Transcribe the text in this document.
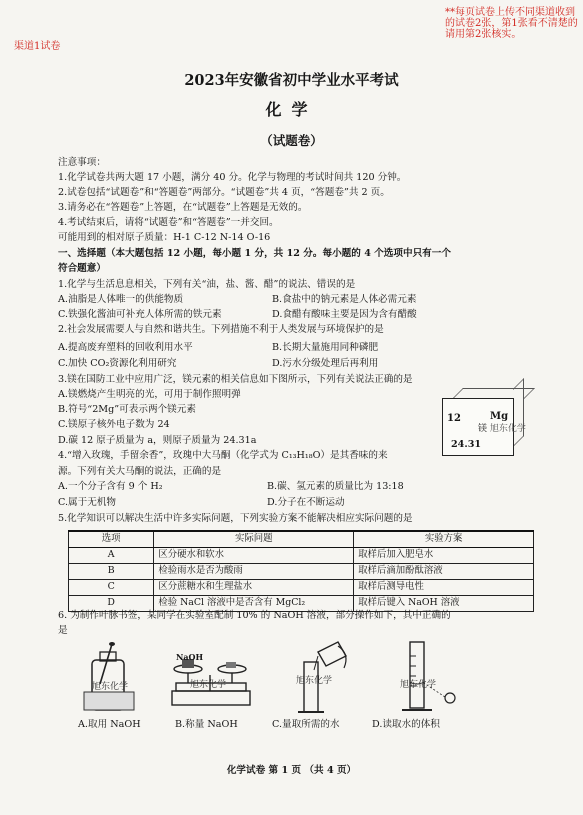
渠道1试卷
**每页试卷上传不同渠道收到的试卷2张，第1张看不清楚的请用第2张核实。
2023年安徽省初中学业水平考试
化学
（试题卷）
注意事项：
1.化学试卷共两大题 17 小题，满分 40 分。化学与物理的考试时间共 120 分钟。
2.试卷包括“试题卷”和“答题卷”两部分。“试题卷”共 4 页，“答题卷”共 2 页。
3.请务必在“答题卷”上答题，在“试题卷”上答题是无效的。
4.考试结束后，请将“试题卷”和“答题卷”一并交回。
可能用到的相对原子质量：H-1 C-12 N-14 O-16
一、选择题（本大题包括 12 小题，每小题 1 分，共 12 分。每小题的 4 个选项中只有一个
符合题意）
1.化学与生活息息相关，下列有关“油，盐、酱、醋”的说法、错误的是
A.油脂是人体唯一的供能物质	B.食盐中的钠元素是人体必需元素
C.铁强化酱油可补充人体所需的铁元素	D.食醋有酸味主要是因为含有醋酸
2.社会发展需要人与自然和谐共生。下列措施不利于人类发展与环境保护的是
A.提高废弃塑料的回收利用水平	B.长期大量施用同种磷肥
C.加快 CO₂资源化利用研究	D.污水分级处理后再利用
3.镁在国防工业中应用广泛，镁元素的相关信息如下图所示，下列有关说法正确的是
A.镁燃烧产生明亮的光，可用于制作照明弹
B.符号“2Mg”可表示两个镁元素
C.镁原子核外电子数为 24
D.碳 12 原子质量为 a，则原子质量为 24.31a
12	Mg
镁 旭东化学
24.31
4.“增入玫瑰，手留余香”，玫瑰中大马酮（化学式为 C₁₃H₁₈O）是其香味的来
源。下列有关大马酮的说法，正确的是
A.一个分子含有 9 个 H₂	B.碳、氢元素的质量比为 13:18
C.属于无机物	D.分子在不断运动
5.化学知识可以解决生活中许多实际问题，下列实验方案不能解决相应实际问题的是
选项	实际问题	实验方案
A	区分硬水和软水	取样后加入肥皂水
B	检验雨水是否为酸雨	取样后滴加酚酞溶液
C	区分蔗糖水和生理盐水	取样后测导电性
D	检验 NaCl 溶液中是否含有 MgCl₂	取样后键入 NaOH 溶液
6. 为制作叶脉书签，某同学在实验室配制 10% 的 NaOH 溶液，部分操作如下，其中正确的
是
旭东化学
NaOH
旭东化学	旭东化学	旭东化学
A.取用 NaOH	B.称量 NaOH	C.量取所需的水	D.读取水的体积
化学试卷 第 1 页 （共 4 页）
